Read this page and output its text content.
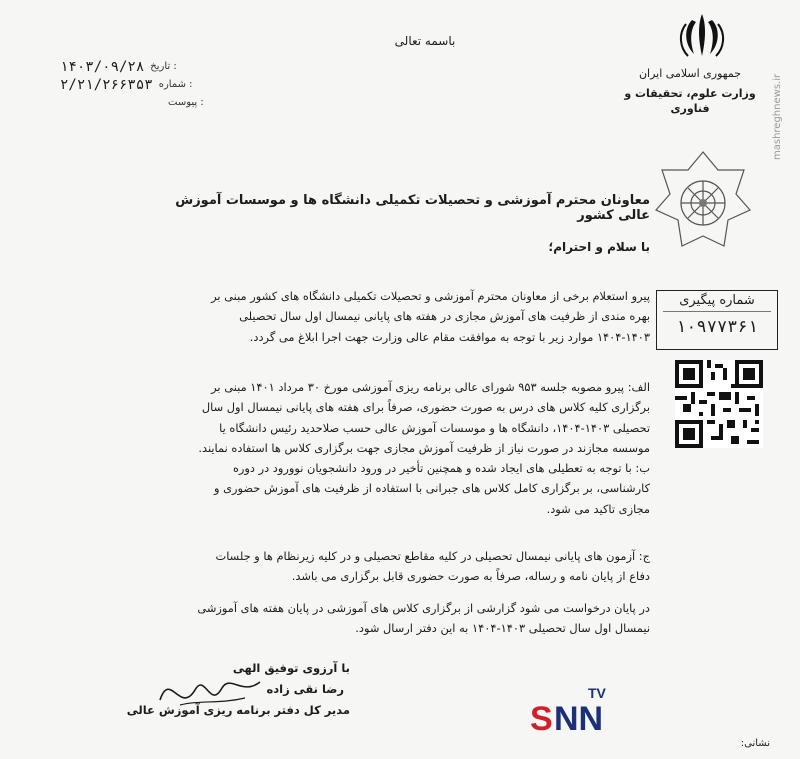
mashreghnews.ir
جمهوری اسلامی ایران
وزارت علوم، تحقیقات و فناوری
باسمه تعالی
۱۴۰۳/۰۹/۲۸ تاریخ :
۲/۲۱/۲۶۶۳۵۳ شماره :
پیوست :
معاونان محترم آموزشی و تحصیلات تکمیلی دانشگاه ها و موسسات آموزش عالی کشور
با سلام و احترام؛
پیرو استعلام برخی از معاونان محترم آموزشی و تحصیلات تکمیلی دانشگاه های کشور مبنی بر
بهره مندی از ظرفیت های آموزش مجازی در هفته های پایانی نیمسال اول سال تحصیلی
۱۴۰۴-۱۴۰۳ موارد زیر با توجه به موافقت مقام عالی وزارت جهت اجرا ابلاغ می گردد.
الف: پیرو مصوبه جلسه ۹۵۳ شورای عالی برنامه ریزی آموزشی مورخ ۳۰ مرداد ۱۴۰۱ مبنی بر
برگزاری کلیه کلاس های درس به صورت حضوری، صرفاً برای هفته های پایانی نیمسال اول سال
تحصیلی ۱۴۰۳-۱۴۰۴، دانشگاه ها و موسسات آموزش عالی حسب صلاحدید رئیس دانشگاه یا
موسسه مجازند در صورت نیاز از ظرفیت آموزش مجازی جهت برگزاری کلاس ها استفاده نمایند.
ب: با توجه به تعطیلی های ایجاد شده و همچنین تأخیر در ورود دانشجویان نوورود در دوره
کارشناسی، بر برگزاری کامل کلاس های جبرانی با استفاده از ظرفیت های آموزش حضوری و
مجازی تاکید می شود.
ج: آزمون های پایانی نیمسال تحصیلی در کلیه مقاطع تحصیلی و در کلیه زیرنظام ها و جلسات
دفاع از پایان نامه و رساله، صرفاً به صورت حضوری قابل برگزاری می باشد.
در پایان درخواست می شود گزارشی از برگزاری کلاس های آموزشی در پایان هفته های آموزشی
نیمسال اول سال تحصیلی ۱۴۰۳-۱۴۰۴ به این دفتر ارسال شود.
شماره پیگیری
۱۰۹۷۷۳۶۱
با آرزوی توفیق الهی
رضا نقی زاده
مدیر کل دفتر برنامه ریزی آموزش عالی
TV
S NN
نشانی:
